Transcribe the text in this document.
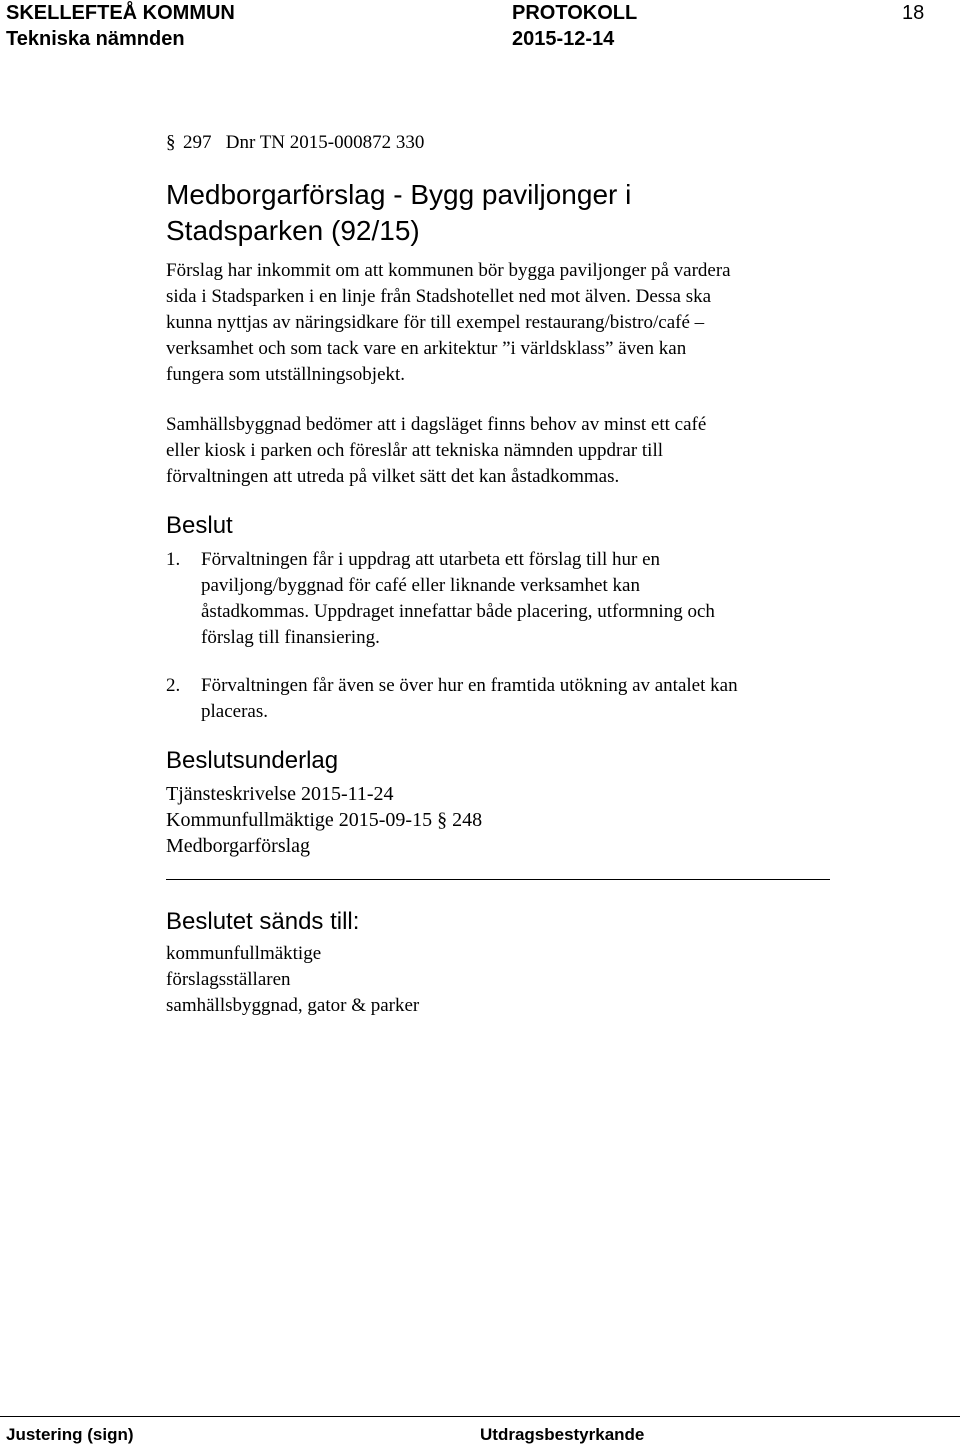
SKELLEFTEÅ KOMMUN	PROTOKOLL	18
Tekniska nämnden	2015-12-14
§ 297   Dnr TN 2015-000872 330
Medborgarförslag - Bygg paviljonger i
Stadsparken (92/15)
Förslag har inkommit om att kommunen bör bygga paviljonger på vardera
sida i Stadsparken i en linje från Stadshotellet ned mot älven. Dessa ska
kunna nyttjas av näringsidkare för till exempel restaurang/bistro/café –
verksamhet och som tack vare en arkitektur ”i världsklass” även kan
fungera som utställningsobjekt.
Samhällsbyggnad bedömer att i dagsläget finns behov av minst ett café
eller kiosk i parken och föreslår att tekniska nämnden uppdrar till
förvaltningen att utreda på vilket sätt det kan åstadkommas.
Beslut
1. Förvaltningen får i uppdrag att utarbeta ett förslag till hur en
paviljong/byggnad för café eller liknande verksamhet kan
åstadkommas. Uppdraget innefattar både placering, utformning och
förslag till finansiering.
2. Förvaltningen får även se över hur en framtida utökning av antalet kan
placeras.
Beslutsunderlag
Tjänsteskrivelse 2015-11-24
Kommunfullmäktige 2015-09-15 § 248
Medborgarförslag
Beslutet sänds till:
kommunfullmäktige
förslagsställaren
samhällsbyggnad, gator & parker
Justering (sign)	Utdragsbestyrkande
